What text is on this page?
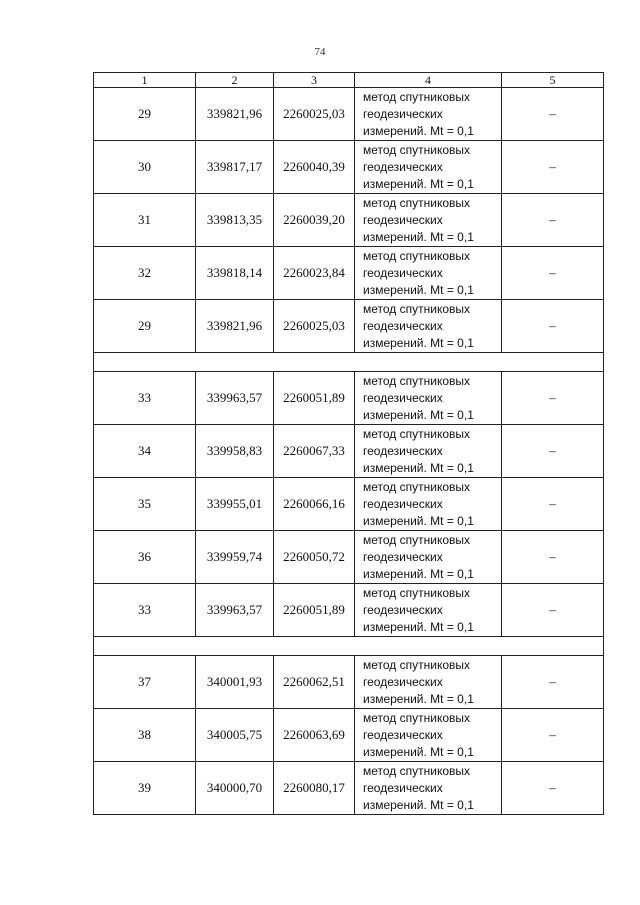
74
1	2	3	4	5
29	339821,96	2260025,03	метод спутниковых
геодезических
измерений. Mt = 0,1	–
30	339817,17	2260040,39	метод спутниковых
геодезических
измерений. Mt = 0,1	–
31	339813,35	2260039,20	метод спутниковых
геодезических
измерений. Mt = 0,1	–
32	339818,14	2260023,84	метод спутниковых
геодезических
измерений. Mt = 0,1	–
29	339821,96	2260025,03	метод спутниковых
геодезических
измерений. Mt = 0,1	–

33	339963,57	2260051,89	метод спутниковых
геодезических
измерений. Mt = 0,1	–
34	339958,83	2260067,33	метод спутниковых
геодезических
измерений. Mt = 0,1	–
35	339955,01	2260066,16	метод спутниковых
геодезических
измерений. Mt = 0,1	–
36	339959,74	2260050,72	метод спутниковых
геодезических
измерений. Mt = 0,1	–
33	339963,57	2260051,89	метод спутниковых
геодезических
измерений. Mt = 0,1	–

37	340001,93	2260062,51	метод спутниковых
геодезических
измерений. Mt = 0,1	–
38	340005,75	2260063,69	метод спутниковых
геодезических
измерений. Mt = 0,1	–
39	340000,70	2260080,17	метод спутниковых
геодезических
измерений. Mt = 0,1	–
